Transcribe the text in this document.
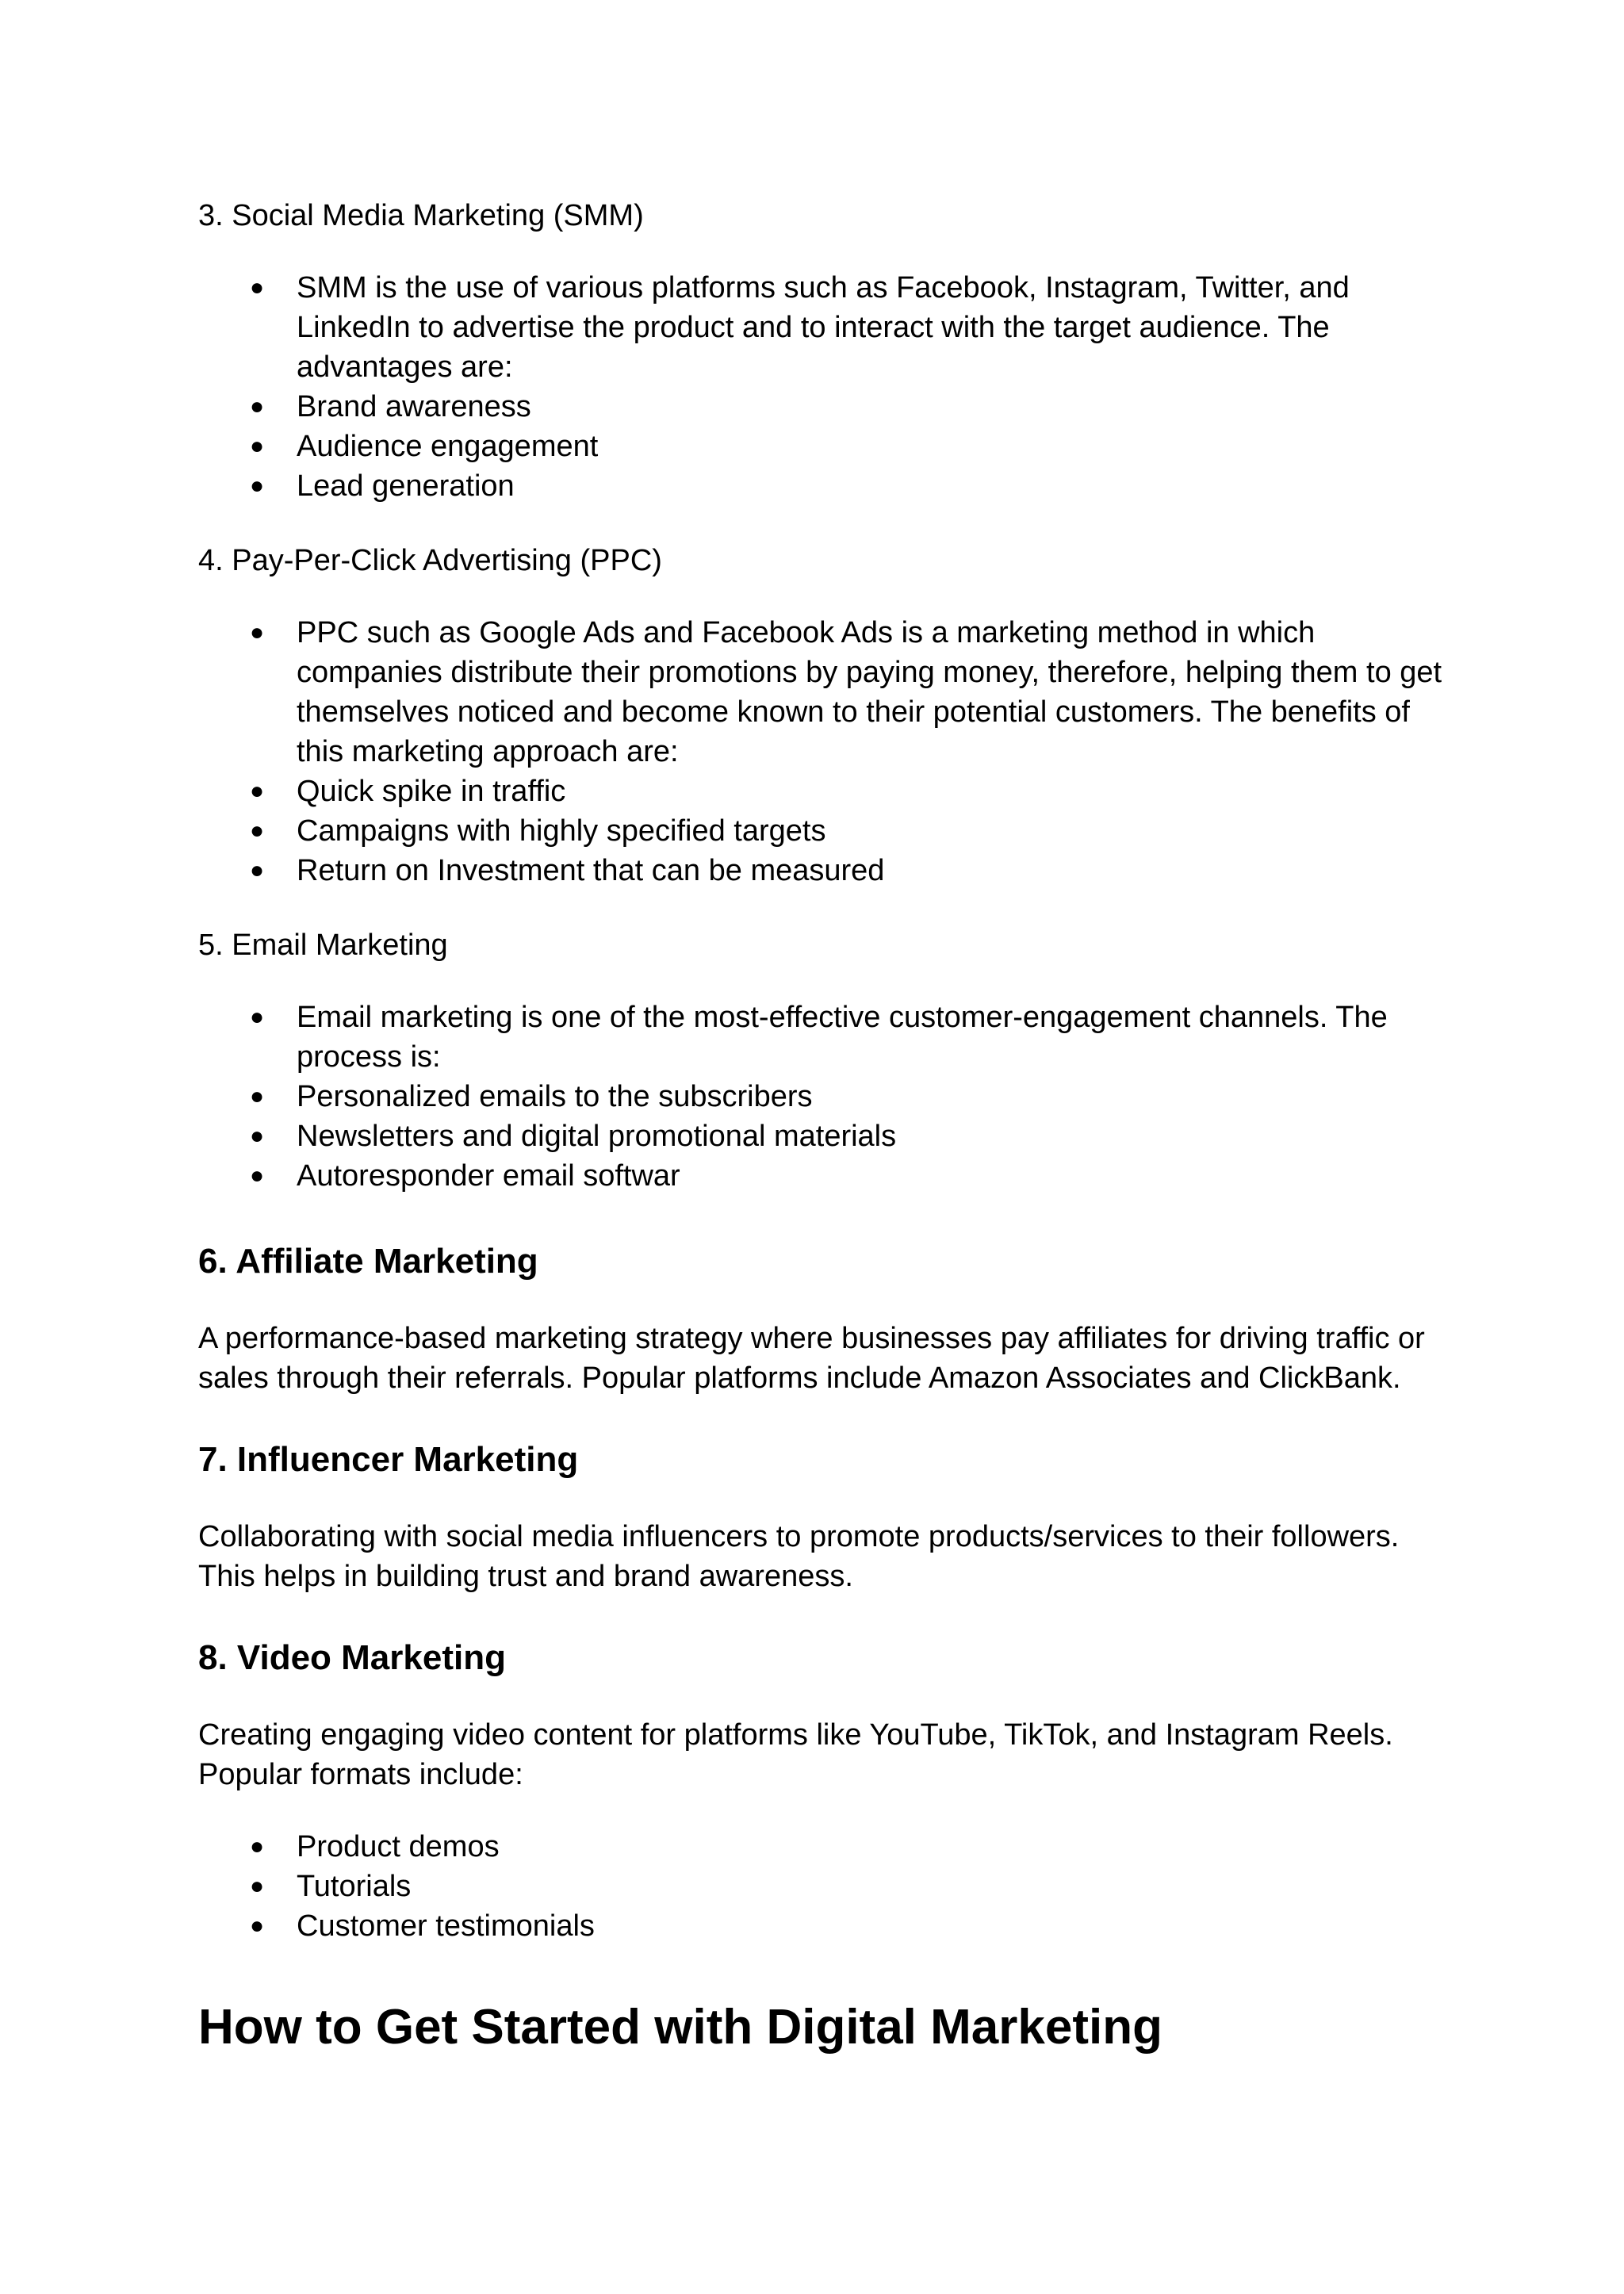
3. Social Media Marketing (SMM)

●	SMM is the use of various platforms such as Facebook, Instagram, Twitter, and LinkedIn to advertise the product and to interact with the target audience. The advantages are:
●	Brand awareness
●	Audience engagement
●	Lead generation

4. Pay-Per-Click Advertising (PPC)

●	PPC such as Google Ads and Facebook Ads is a marketing method in which companies distribute their promotions by paying money, therefore, helping them to get themselves noticed and become known to their potential customers. The benefits of this marketing approach are:
●	Quick spike in traffic
●	Campaigns with highly specified targets
●	Return on Investment that can be measured

5. Email Marketing

●	Email marketing is one of the most-effective customer-engagement channels. The process is:
●	Personalized emails to the subscribers
●	Newsletters and digital promotional materials
●	Autoresponder email softwar
6. Affiliate Marketing

A performance-based marketing strategy where businesses pay affiliates for driving traffic or sales through their referrals. Popular platforms include Amazon Associates and ClickBank.

7. Influencer Marketing

Collaborating with social media influencers to promote products/services to their followers. This helps in building trust and brand awareness.

8. Video Marketing

Creating engaging video content for platforms like YouTube, TikTok, and Instagram Reels. Popular formats include:

●	Product demos
●	Tutorials
●	Customer testimonials
How to Get Started with Digital Marketing
